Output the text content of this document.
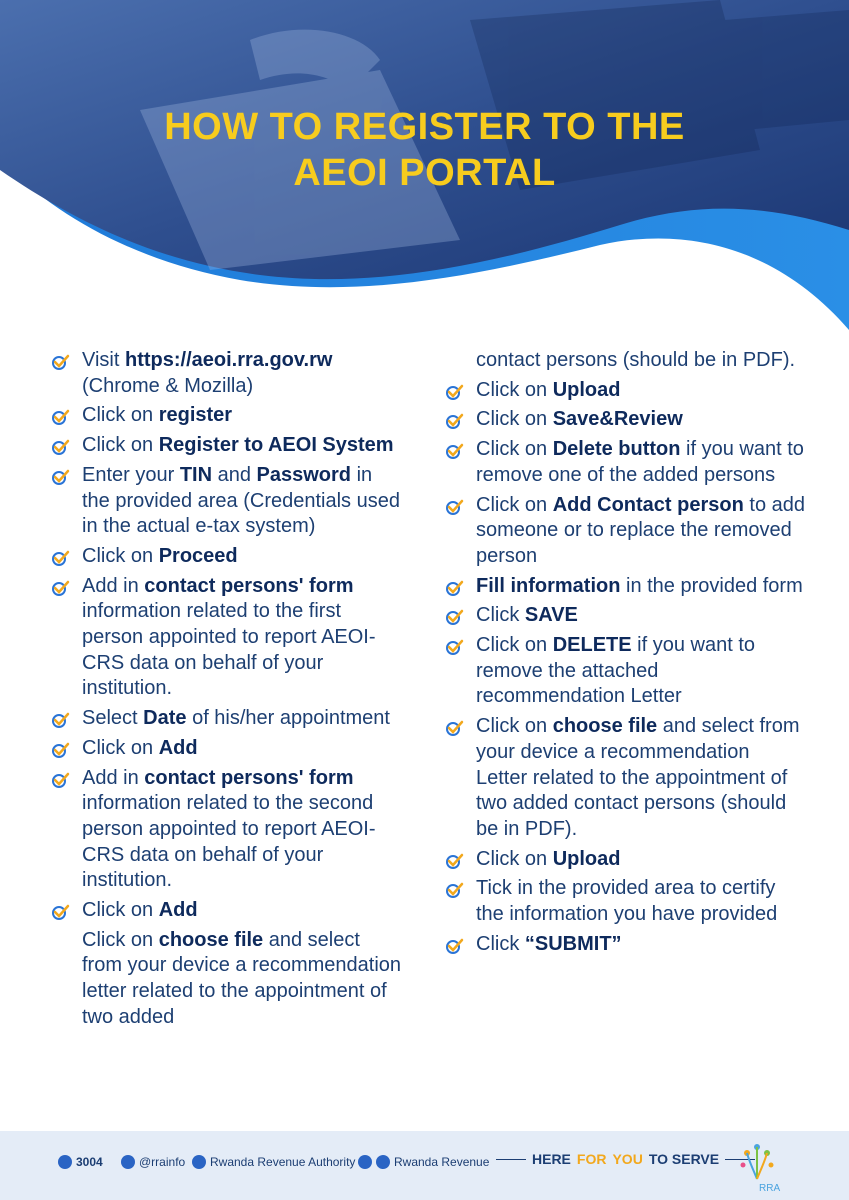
HOW TO REGISTER TO THE
AEOI PORTAL
Visit https://aeoi.rra.gov.rw (Chrome & Mozilla)
Click on register
Click on Register to AEOI System
Enter your TIN and Password in the provided area (Credentials used in the actual e-tax system)
Click on Proceed
Add in contact persons' form information related to the first person appointed to report AEOI-CRS data on behalf of your institution.
Select Date of his/her appointment
Click on Add
Add in contact persons' form information related to the second person appointed to report AEOI-CRS data on behalf of your institution.
Click on Add
Click on choose file and select from your device a recommendation letter related to the appointment of two added
contact persons (should be in PDF).
Click on Upload
Click on Save&Review
Click on Delete button if you want to remove one of the added persons
Click on Add Contact person to add someone or to replace the removed person
Fill information in the provided form
Click SAVE
Click on DELETE if you want to remove the attached recommendation Letter
Click on choose file and select from your device a recommendation Letter related to the appointment of two added contact persons (should be in PDF).
Click on Upload
Tick in the provided area to certify the information you have provided
Click “SUBMIT”
3004	@rrainfo Rwanda Revenue Authority	Rwanda Revenue	HERE FOR YOU TO SERVE
RRA
